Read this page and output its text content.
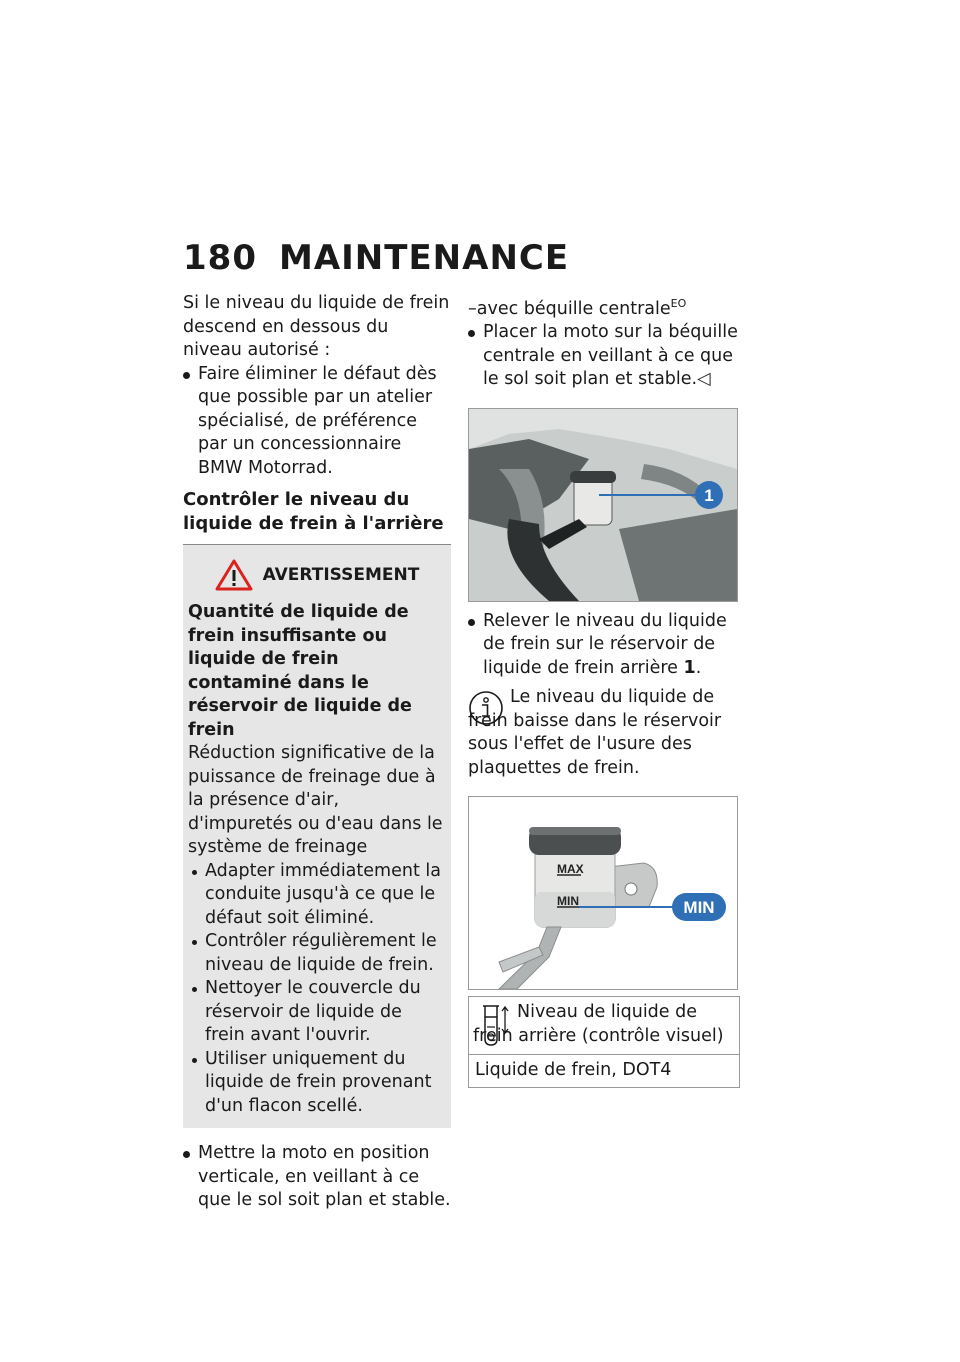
180 MAINTENANCE

Si le niveau du liquide de frein descend en dessous du niveau autorisé :

Faire éliminer le défaut dès que possible par un atelier spécialisé, de préférence par un concessionnaire BMW Motorrad.

Contrôler le niveau du liquide de frein à l'arrière

AVERTISSEMENT

Quantité de liquide de frein insuffisante ou liquide de frein contaminé dans le réservoir de liquide de frein

Réduction significative de la puissance de freinage due à la présence d'air, d'impuretés ou d'eau dans le système de freinage

Adapter immédiatement la conduite jusqu'à ce que le défaut soit éliminé.

Contrôler régulièrement le niveau de liquide de frein.

Nettoyer le couvercle du réservoir de liquide de frein avant l'ouvrir.

Utiliser uniquement du liquide de frein provenant d'un flacon scellé.

Mettre la moto en position verticale, en veillant à ce que le sol soit plan et stable.

–avec béquille centrale$^{EO}$

Placer la moto sur la béquille centrale en veillant à ce que le sol soit plan et stable.◁

1

Relever le niveau du liquide de frein sur le réservoir de liquide de frein arrière 1.

Le niveau du liquide de frein baisse dans le réservoir sous l'effet de l'usure des plaquettes de frein.

MAX
MIN	MIN

Niveau de liquide de frein arrière (contrôle visuel)

Liquide de frein, DOT4
